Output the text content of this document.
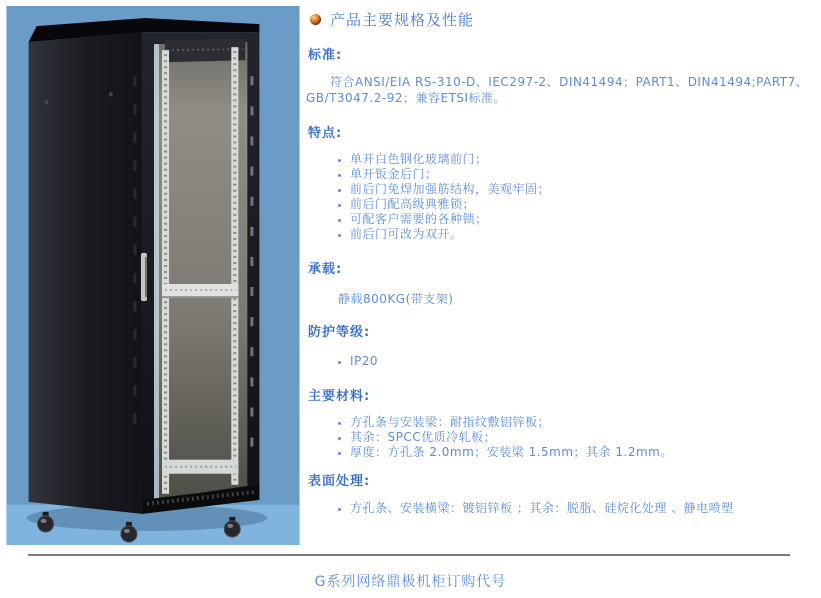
产品主要规格及性能
标准:

符合ANSI/EIA RS-310-D、IEC297-2、DIN41494；PART1、DIN41494;PART7、GB/T3047.2-92；兼容ETSI标准。

特点:
• 单开白色钢化玻璃前门；
• 单开钣金后门；
• 前后门免焊加强筋结构，美观牢固；
• 前后门配高级典雅锁；
• 可配客户需要的各种锁；
• 前后门可改为双开。
承载:
静载800KG(带支架)
防护等级:
• IP20
主要材料:
• 方孔条与安装梁：耐指纹敷铝锌板；
• 其余：SPCC优质冷轧板；
• 厚度：方孔条 2.0mm；安装梁 1.5mm；其余 1.2mm。
表面处理:
• 方孔条、安装横梁：镀铝锌板 ；其余：脱脂、硅烷化处理 、静电喷塑
G系列网络鼎极机柜订购代号
